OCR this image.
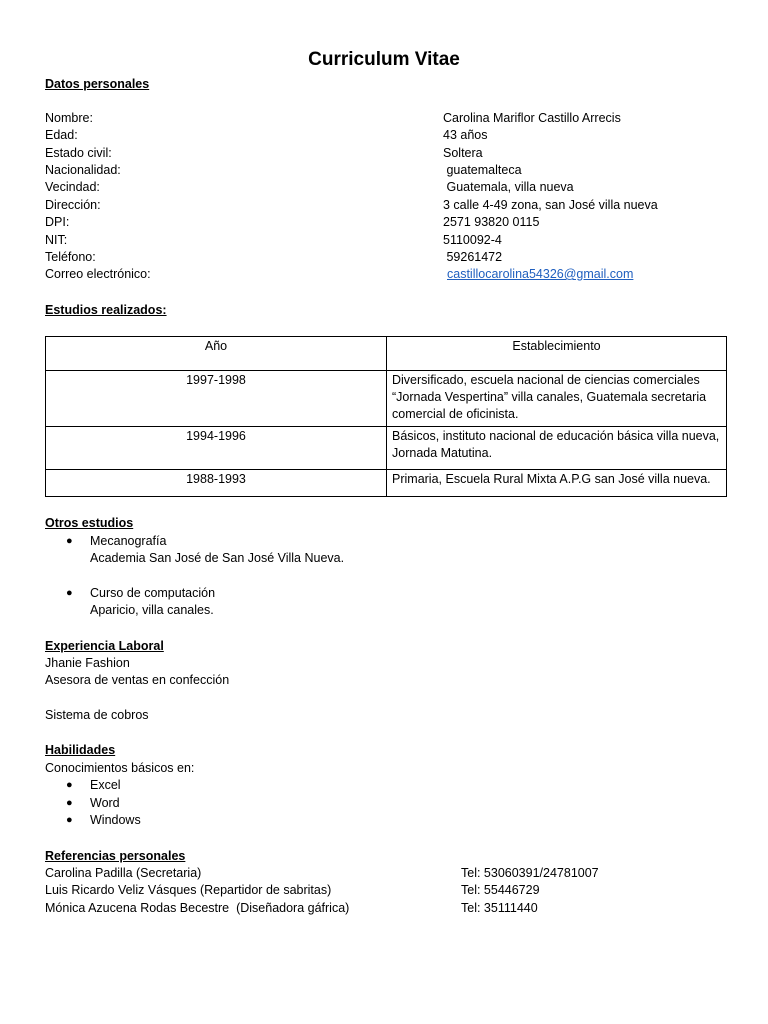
Curriculum Vitae
Datos personales
Nombre:	Carolina Mariflor Castillo Arrecis
Edad:	43 años
Estado civil:	Soltera
Nacionalidad:	guatemalteca
Vecindad:	Guatemala, villa nueva
Dirección:	3 calle 4-49 zona, san José villa nueva
DPI:	2571 93820 0115
NIT:	5110092-4
Teléfono:	59261472
Correo electrónico:	castillocarolina54326@gmail.com
Estudios realizados:
Año	Establecimiento
1997-1998	Diversificado, escuela nacional de ciencias comerciales “Jornada Vespertina” villa canales, Guatemala secretaria comercial de oficinista.
1994-1996	Básicos, instituto nacional de educación básica villa nueva, Jornada Matutina.
1988-1993	Primaria, Escuela Rural Mixta A.P.G san José villa nueva.
Otros estudios
● Mecanografía
Academia San José de San José Villa Nueva.
● Curso de computación
Aparicio, villa canales.
Experiencia Laboral
Jhanie Fashion
Asesora de ventas en confección
Sistema de cobros
Habilidades
Conocimientos básicos en:
● Excel
● Word
● Windows
Referencias personales
Carolina Padilla (Secretaria)	Tel: 53060391/24781007
Luis Ricardo Veliz Vásques (Repartidor de sabritas)	Tel: 55446729
Mónica Azucena Rodas Becestre  (Diseñadora gáfrica)	Tel: 35111440
